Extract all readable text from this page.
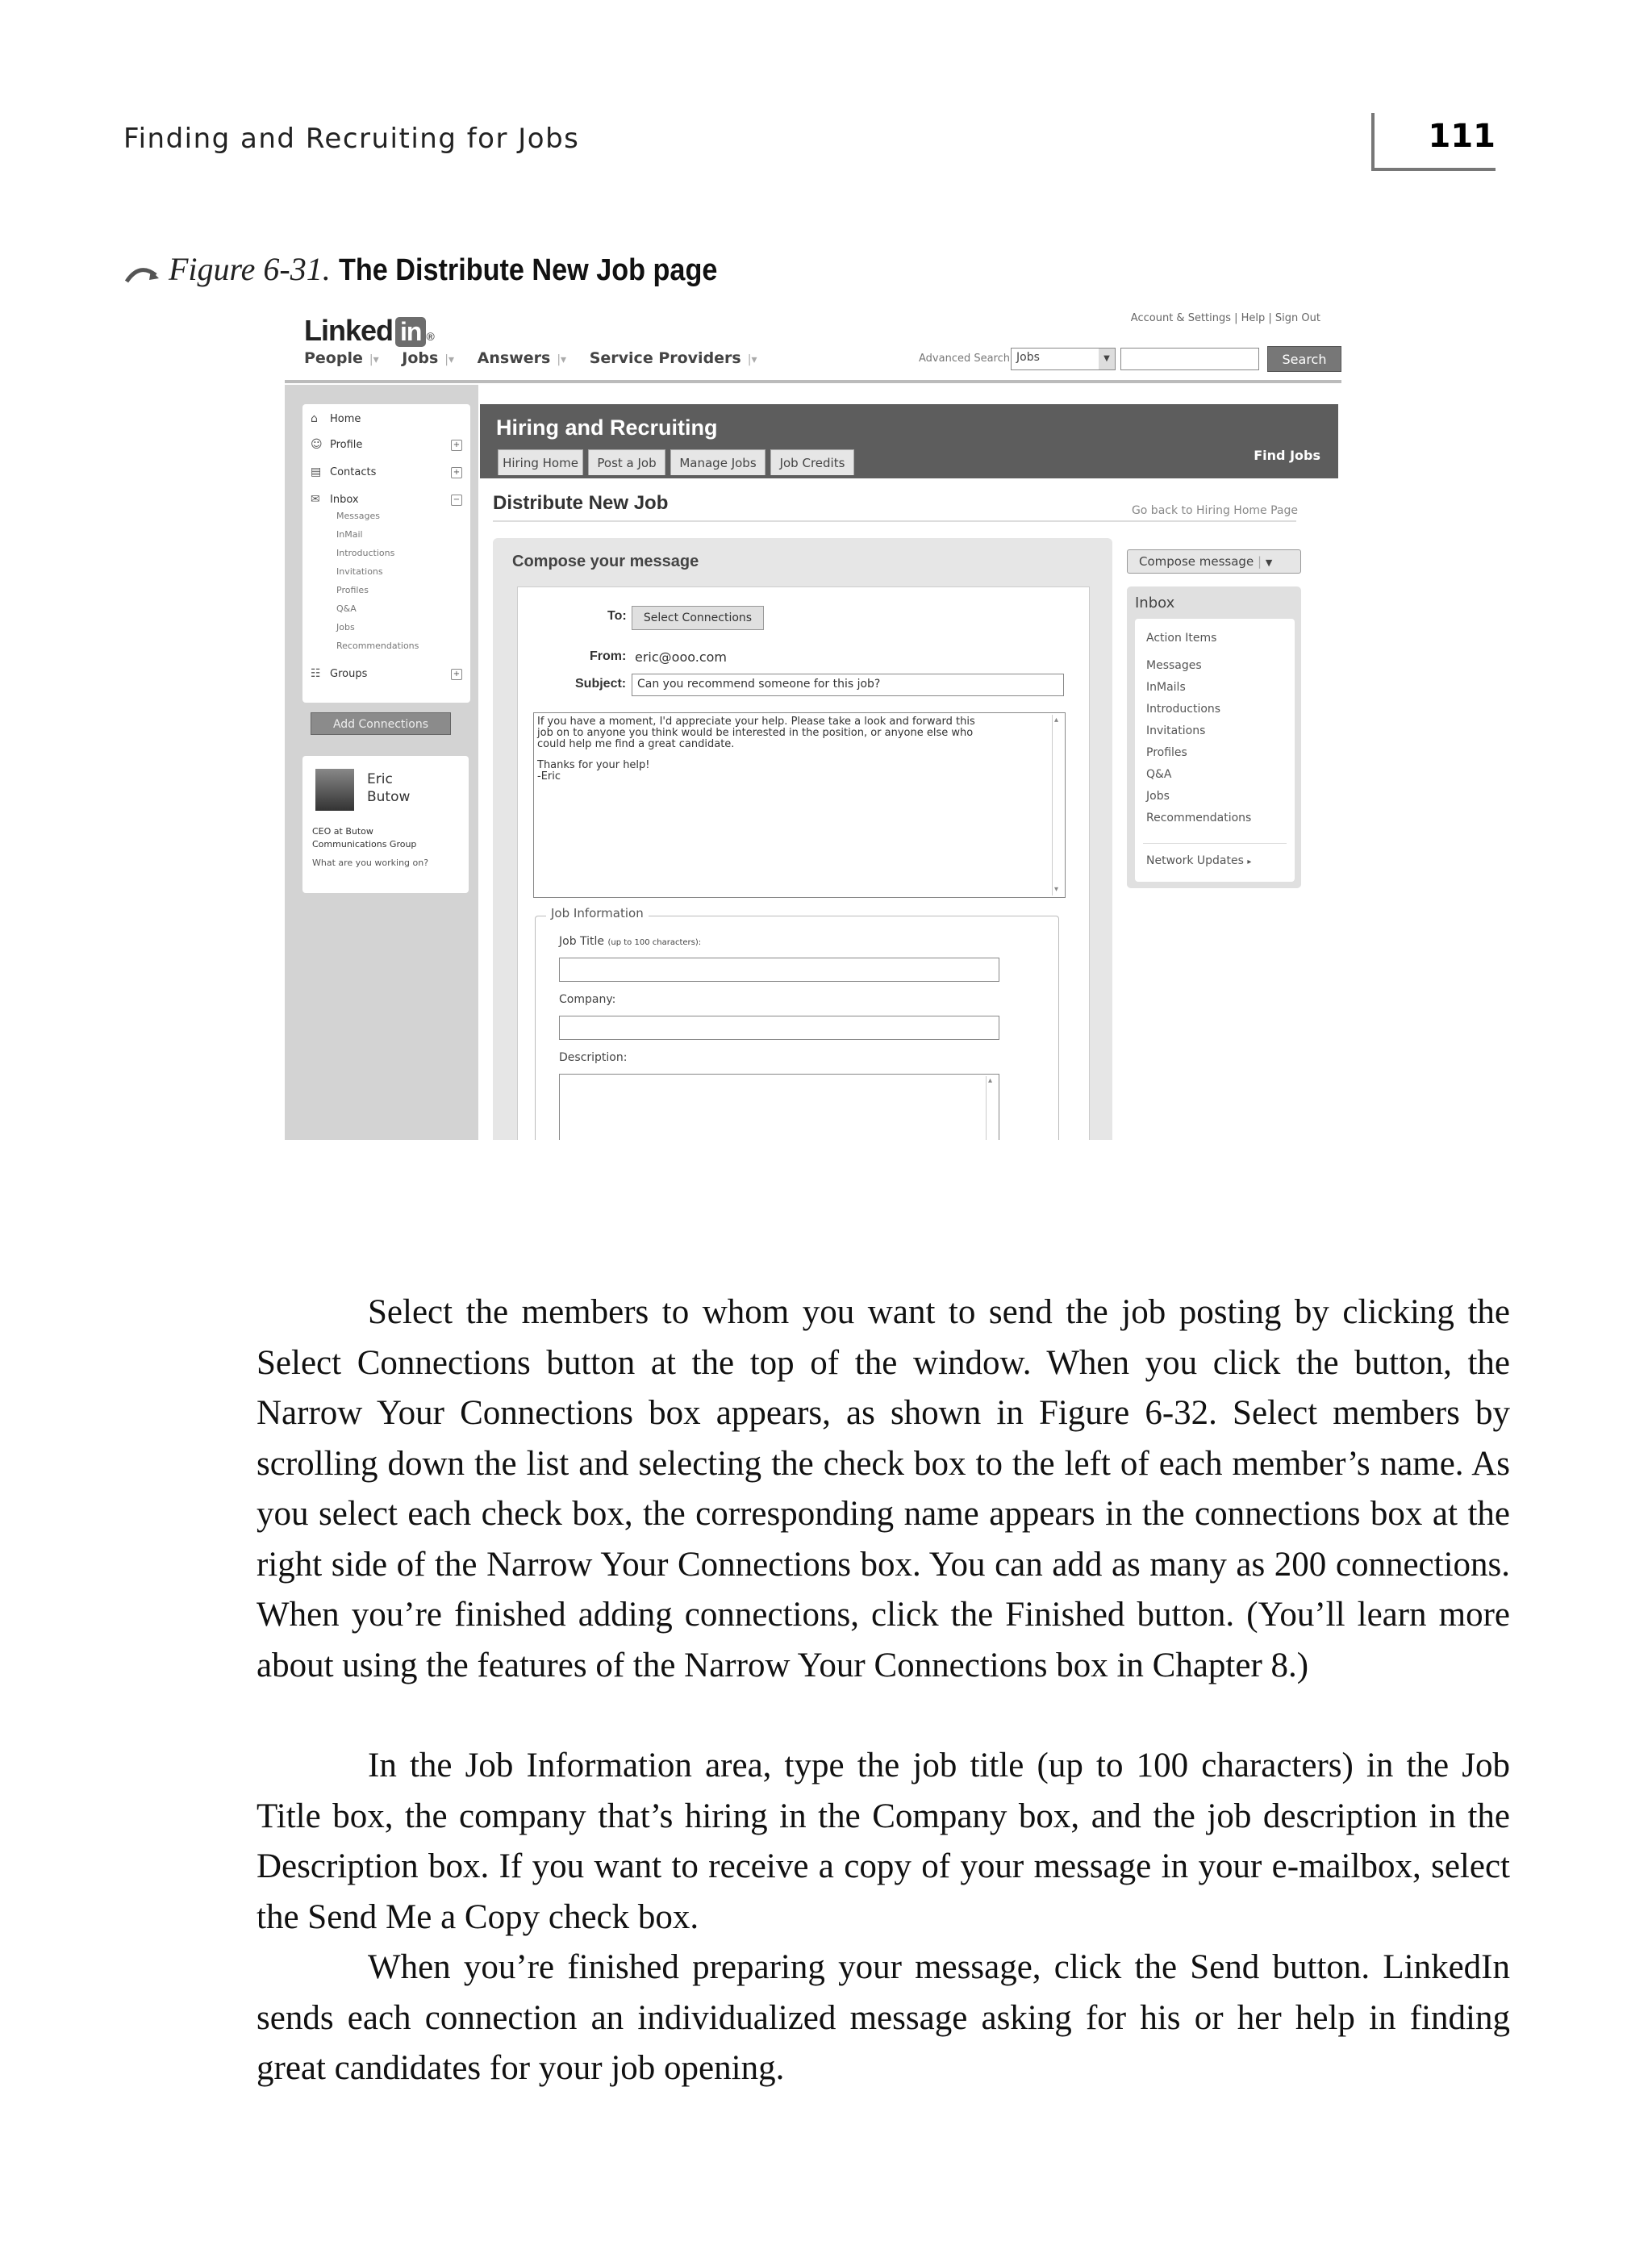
Finding and Recruiting for Jobs	111
Figure 6-31. The Distribute New Job page
Linked in ®
Account & Settings | Help | Sign Out
People |▾ Jobs |▾ Answers |▾ Service Providers |▾	Advanced Search Jobs	▼	Search
⌂ Home
☺ Profile	+
▤ Contacts	+
✉ Inbox	−
Messages
InMail
Introductions
Invitations
Profiles
Q&A
Jobs
Recommendations
☷ Groups	+
Add Connections
Eric
Butow
CEO at Butow
Communications Group
What are you working on?
Hiring and Recruiting
Hiring Home	Post a Job	Manage Jobs	Job Credits	Find Jobs
Distribute New Job	Go back to Hiring Home Page
Compose your message
To:	Select Connections
From: eric@ooo.com
Subject: Can you recommend someone for this job?
If you have a moment, I'd appreciate your help. Please take a look and forward this
job on to anyone you think would be interested in the position, or anyone else who
could help me find a great candidate.
Thanks for your help!
-Eric
▴ ▾
Job Information
Job Title (up to 100 characters):
Company:
Description:
▴ ▾
Compose message | ▼
Inbox
Action Items
Messages
InMails
Introductions
Invitations
Profiles
Q&A
Jobs
Recommendations
Network Updates ▸

Select the members to whom you want to send the job posting by clicking the Select Connections button at the top of the window. When you click the button, the Narrow Your Connections box appears, as shown in Figure 6-32. Select members by scrolling down the list and selecting the check box to the left of each member’s name. As you select each check box, the corresponding name appears in the connections box at the right side of the Narrow Your Connections box. You can add as many as 200 connections. When you’re finished adding connections, click the Finished button. (You’ll learn more about using the features of the Narrow Your Connections box in Chapter 8.)

In the Job Information area, type the job title (up to 100 characters) in the Job Title box, the company that’s hiring in the Company box, and the job description in the Description box. If you want to receive a copy of your message in your e-mailbox, select the Send Me a Copy check box.

When you’re finished preparing your message, click the Send button. LinkedIn sends each connection an individualized message asking for his or her help in finding great candidates for your job opening.
